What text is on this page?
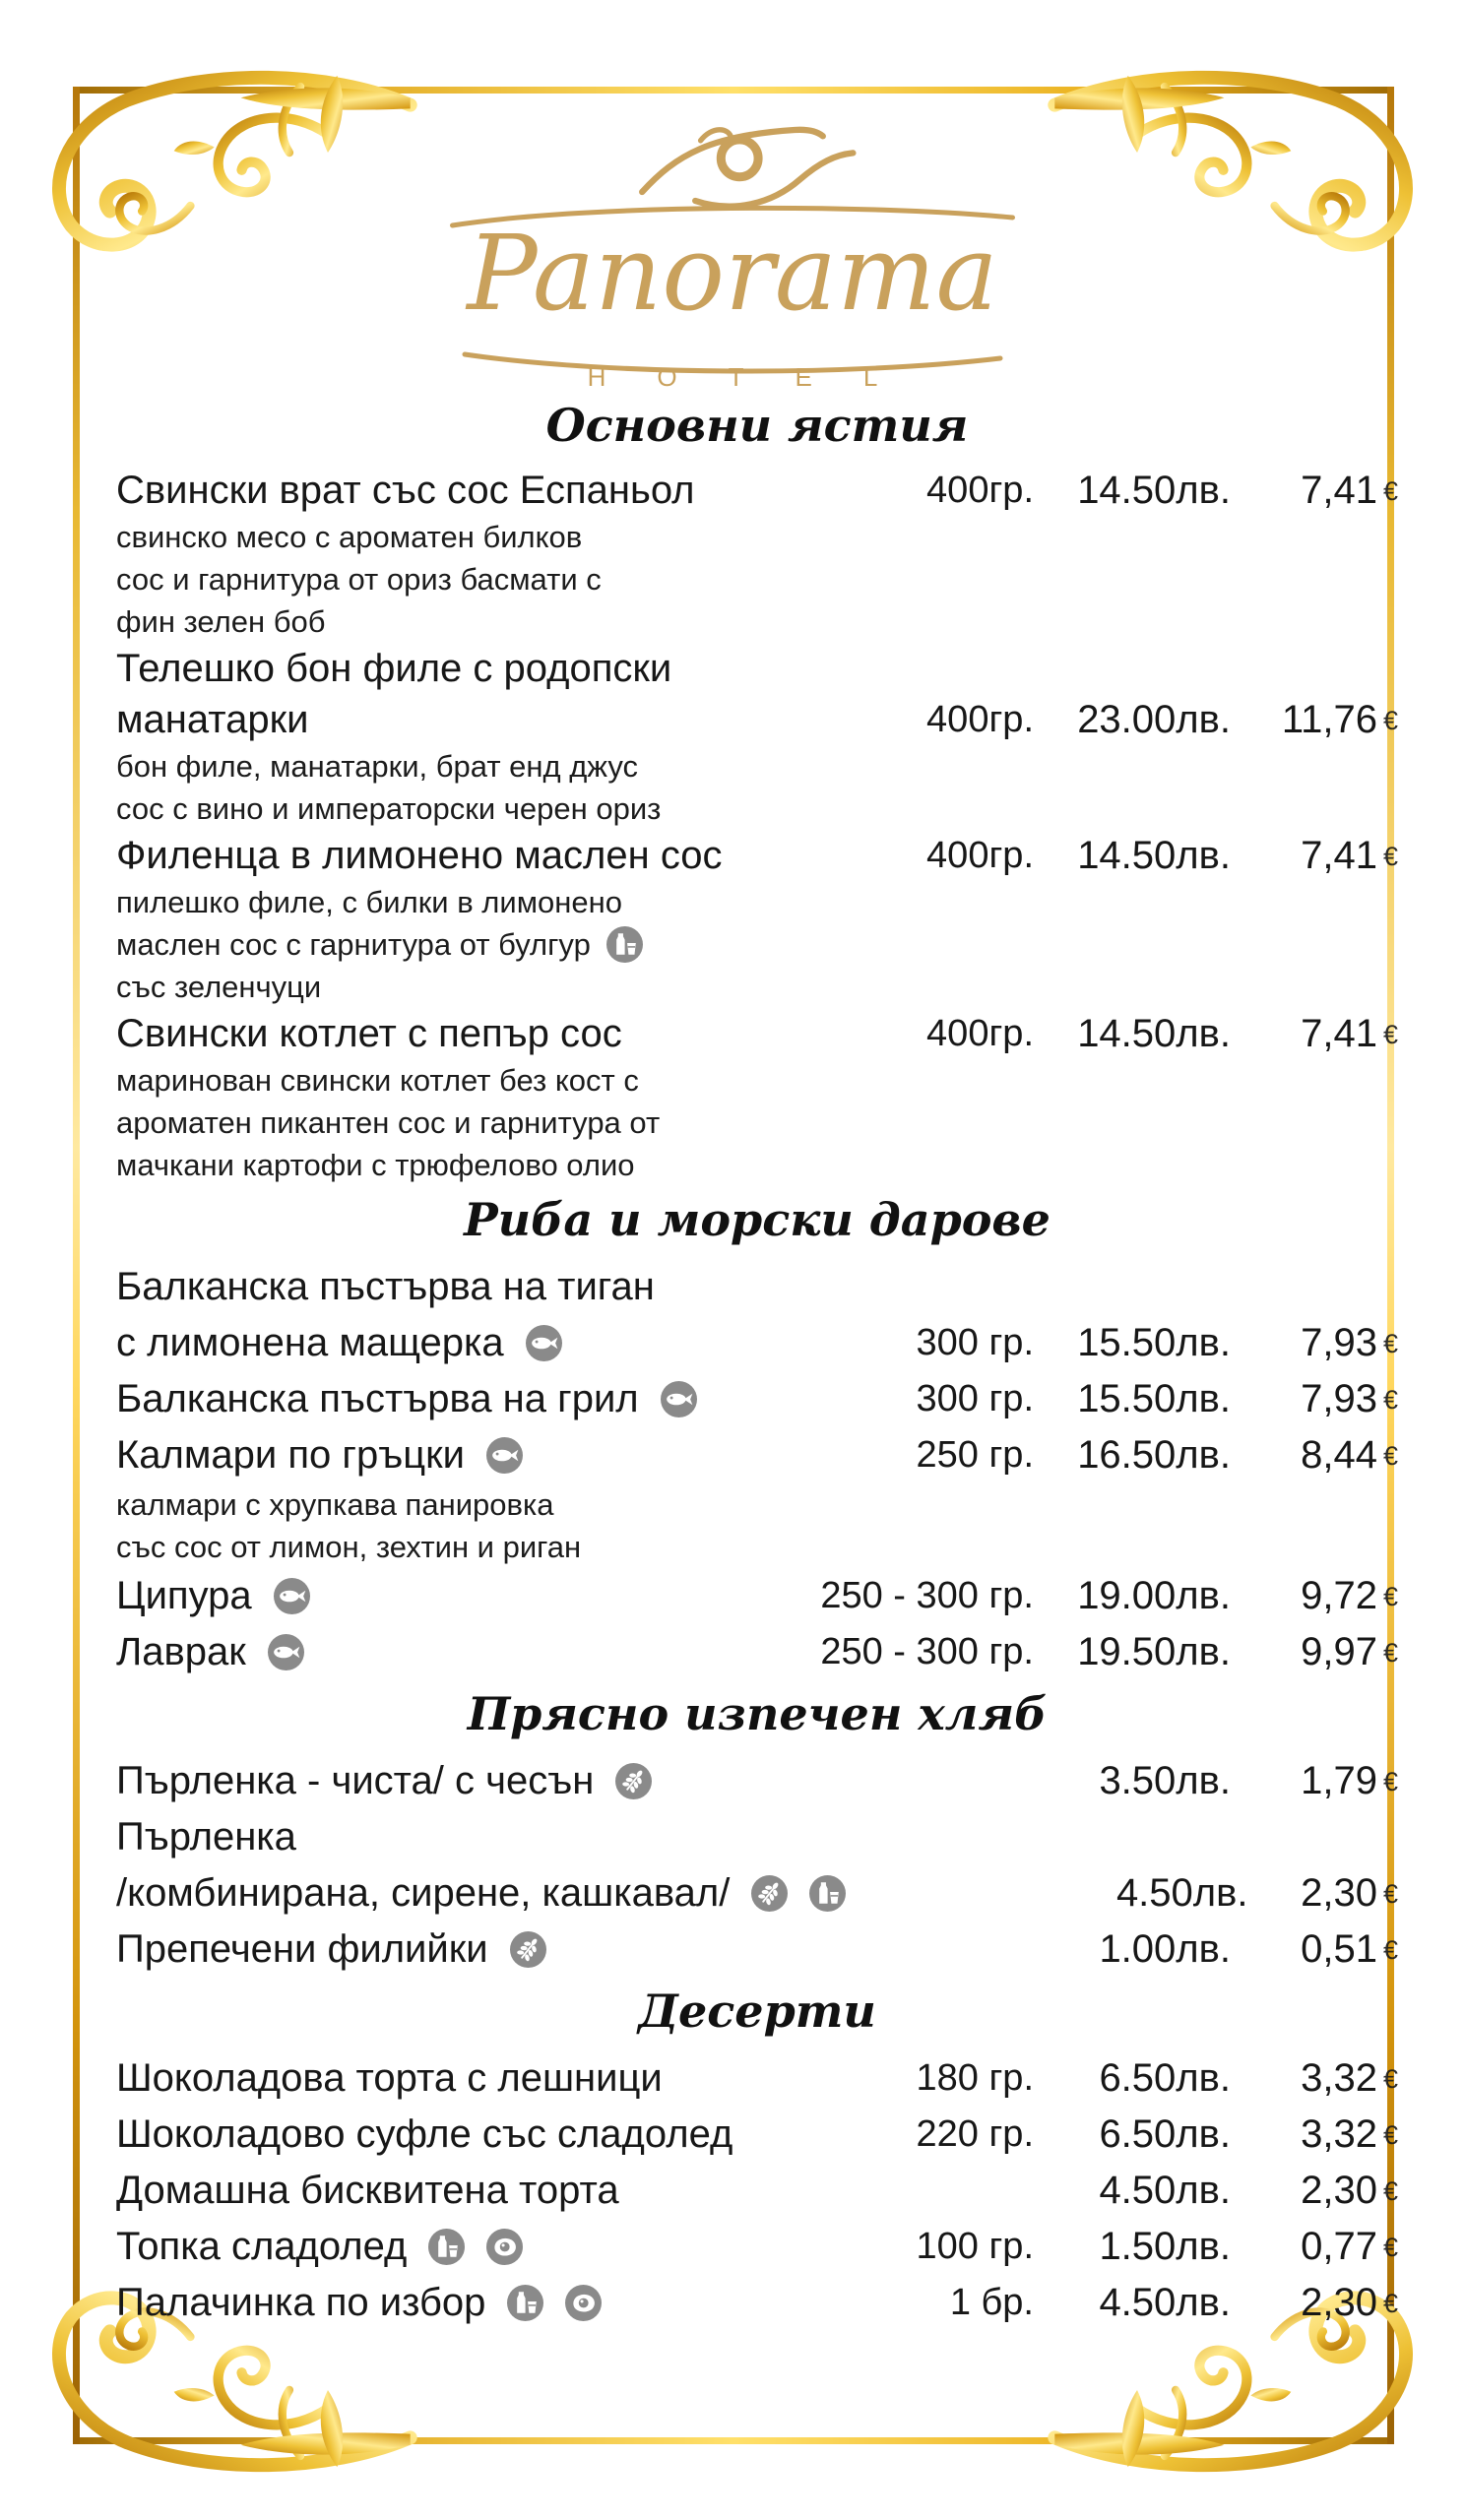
Panorama
HOTEL
Основни ястия
Свински врат със сос Еспаньол	400гр.	14.50лв.	7,41 €
свинско месо с ароматен билков
сос и гарнитура от ориз басмати с
фин зелен боб
Телешко бон филе с родопски
манатарки	400гр.	23.00лв.	11,76 €
бон филе, манатарки, брат енд джус
сос с вино и императорски черен ориз
Филенца в лимонено маслен сос	400гр.	14.50лв.	7,41 €
пилешко филе, с билки в лимонено
маслен сос с гарнитура от булгур
със зеленчуци
Свински котлет с пепър сос	400гр.	14.50лв.	7,41 €
маринован свински котлет без кост с
ароматен пикантен сос и гарнитура от
мачкани картофи с трюфелово олио
Риба и морски дарове
Балканска пъстърва на тиган
с лимонена мащерка	300 гр.	15.50лв.	7,93 €
Балканска пъстърва на грил	300 гр.	15.50лв.	7,93 €
Калмари по гръцки	250 гр.	16.50лв.	8,44 €
калмари с хрупкава панировка
със сос от лимон, зехтин и риган
Ципура	250 - 300 гр.	19.00лв.	9,72 €
Лаврак	250 - 300 гр.	19.50лв.	9,97 €
Прясно изпечен хляб
Пърленка - чиста/ с чесън	3.50лв.	1,79 €
Пърленка
/комбинирана, сирене, кашкавал/	4.50лв.	2,30 €
Препечени филийки	1.00лв.	0,51 €
Десерти
Шоколадова торта с лешници	180 гр.	6.50лв.	3,32 €
Шоколадово суфле със сладолед	220 гр.	6.50лв.	3,32 €
Домашна бисквитена торта	4.50лв.	2,30 €
Топка сладолед	100 гр.	1.50лв.	0,77 €
Палачинка по избор	1 бр.	4.50лв.	2,30 €
